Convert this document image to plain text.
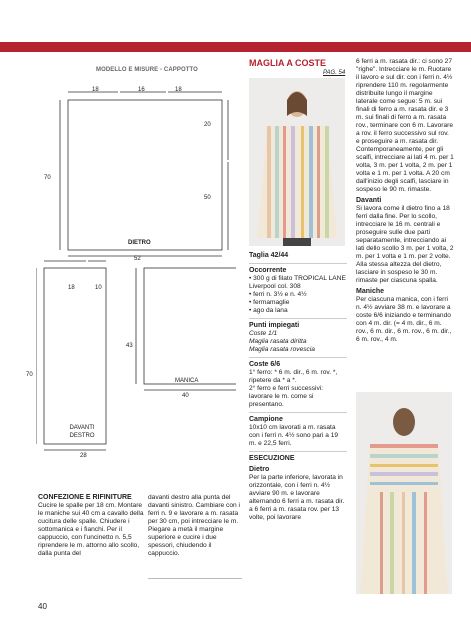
MODELLO E MISURE - CAPPOTTO
18	16	18
20
50
70
DIETRO
52
18	10
70
DAVANTI DESTRO
28
43
MANICA
40
CONFEZIONE E RIFINITURE

Cucire le spalle per 18 cm. Montare le maniche sui 40 cm a cavallo della cucitura delle spalle. Chiudere i sottomanica e i fianchi. Per il cappuccio, con l'uncinetto n. 5,5 riprendere le m. attorno allo scollo, dalla punta del

davanti destro alla punta del davanti sinistro. Cambiare con i ferri n. 9 e lavorare a m. rasata per 30 cm, poi intrecciare le m. Piegare a metà il margine superiore e cucire i due spessori, chiudendo il cappuccio.

MAGLIA A COSTE
PAG. 54
Taglia 42/44
Occorrente

• 300 g di filato TROPICAL LANE Liverpool col. 308

• ferri n. 3½ e n. 4½

• fermamaglie

• ago da lana

Punti impiegati

Coste 1/1

Maglia rasata diritta

Maglia rasata rovescia

Coste 6/6

1° ferro: * 6 m. dir., 6 m. rov. *, ripetere da * a *.

2° ferro e ferri successivi: lavorare le m. come si presentano.

Campione

10x10 cm lavorati a m. rasata con i ferri n. 4½ sono pari a 19 m. e 22,5 ferri.

ESECUZIONE
Dietro

Per la parte inferiore, lavorata in orizzontale, con i ferri n. 4½ avviare 90 m. e lavorare alternando 6 ferri a m. rasata dir. a 6 ferri a m. rasata rov. per 13 volte, poi lavorare

6 ferri a m. rasata dir.: ci sono 27 "righe". Intrecciare le m. Ruotare il lavoro e sul dir. con i ferri n. 4½ riprendere 110 m. regolarmente distribuite lungo il margine laterale come segue: 5 m. sui finali di ferro a m. rasata dir. e 3 m. sui finali di ferro a m. rasata rov., terminare con 6 m. Lavorare a rov. il ferro successivo sul rov. e proseguire a m. rasata dir. Contemporaneamente, per gli scalfi, intrecciare ai lati 4 m. per 1 volta, 3 m. per 1 volta, 2 m. per 1 volta e 1 m. per 1 volta. A 20 cm dall'inizio degli scalfi, lasciare in sospeso le 90 m. rimaste.

Davanti

Si lavora come il dietro fino a 18 ferri dalla fine. Per lo scollo, intrecciare le 16 m. centrali e proseguire sulle due parti separatamente, intrecciando ai lati dello scollo 3 m. per 1 volta, 2 m. per 1 volta e 1 m. per 2 volte. Alla stessa altezza del dietro, lasciare in sospeso le 30 m. rimaste per ciascuna spalla.

Maniche

Per ciascuna manica, con i ferri n. 4½ avviare 38 m. e lavorare a coste 6/6 iniziando e terminando con 4 m. dir. (= 4 m. dir., 6 m. rov., 6 m. dir., 6 m. rov., 6 m. dir., 6 m. rov., 4 m.

40
